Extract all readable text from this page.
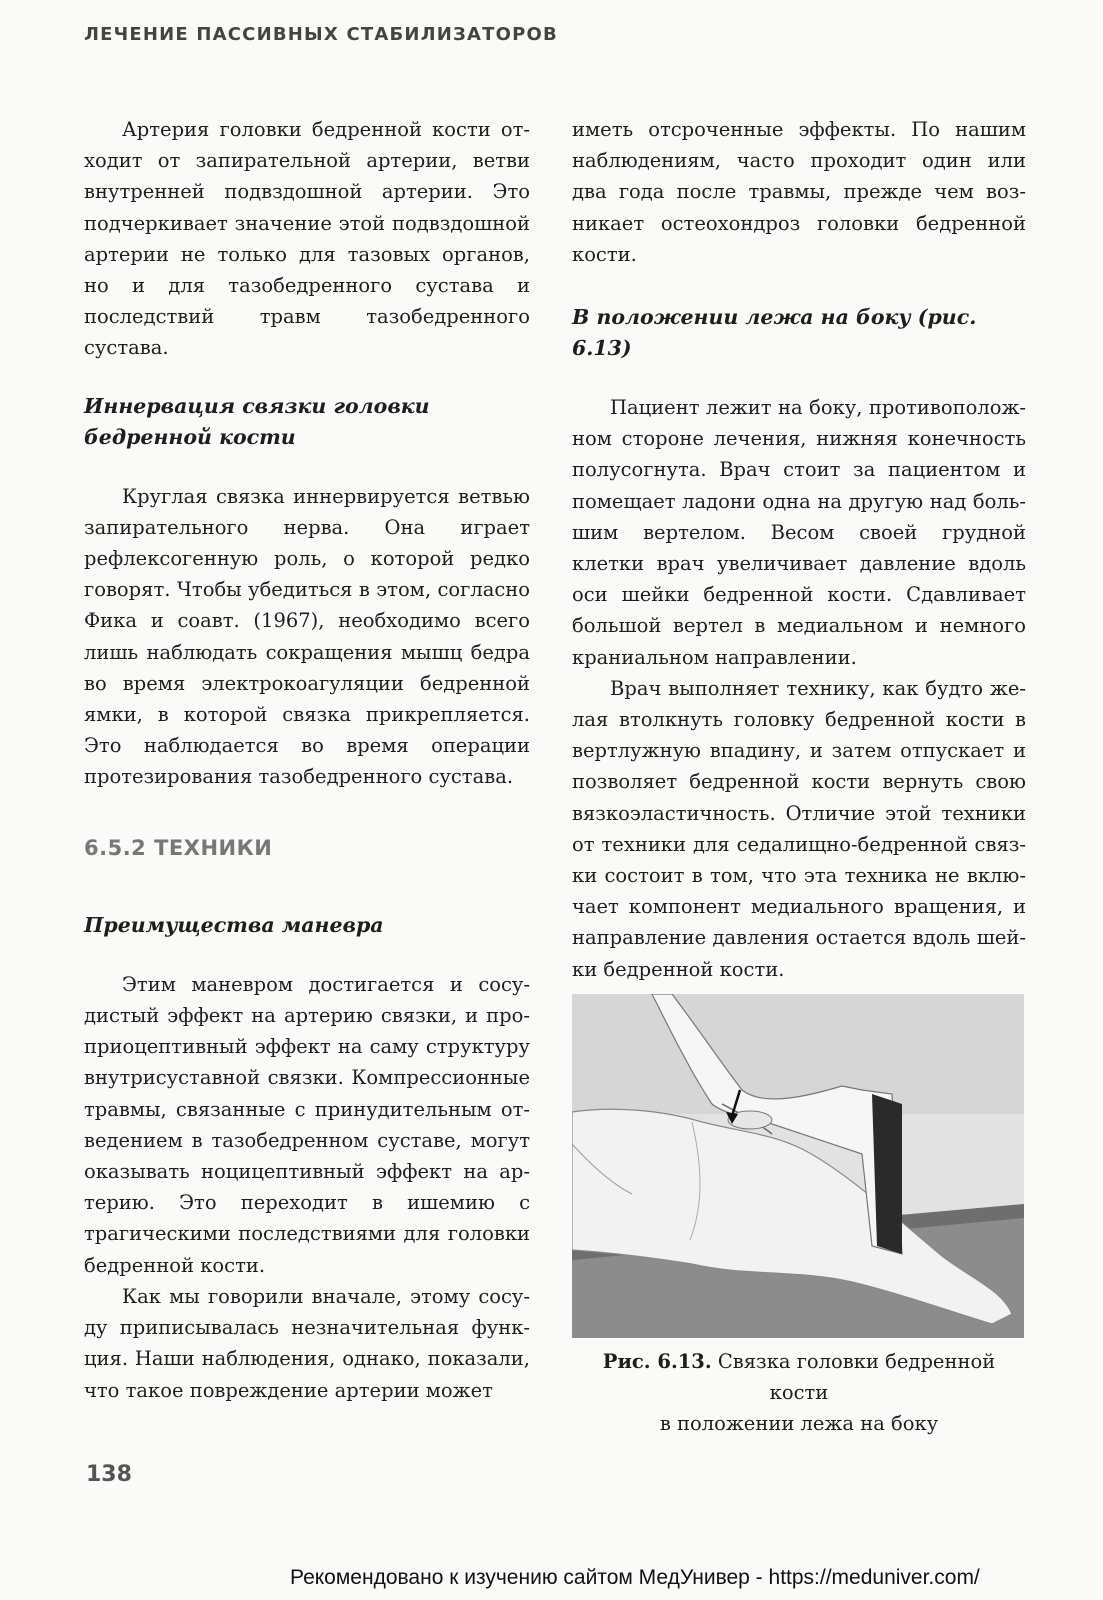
ЛЕЧЕНИЕ ПАССИВНЫХ СТАБИЛИЗАТОРОВ

Артерия головки бедренной кости отходит от запирательной артерии, ветви внутренней подвздошной артерии. Это подчеркивает значение этой подвздошной артерии не только для тазовых органов, но и для тазобедренного сустава и последствий травм тазобедренного сустава.

Иннервация связки головки бедренной кости

Круглая связка иннервируется ветвью запирательного нерва. Она играет рефлексогенную роль, о которой редко говорят. Чтобы убедиться в этом, согласно Фика и соавт. (1967), необходимо всего лишь наблюдать сокращения мышц бедра во время электрокоагуляции бедренной ямки, в которой связка прикрепляется. Это наблюдается во время операции протезирования тазобедренного сустава.

6.5.2 ТЕХНИКИ

Преимущества маневра

Этим маневром достигается и сосудистый эффект на артерию связки, и проприоцептивный эффект на саму структуру внутрисуставной связки. Компрессионные травмы, связанные с принудительным отведением в тазобедренном суставе, могут оказывать ноцицептивный эффект на артерию. Это переходит в ишемию с трагическими последствиями для головки бедренной кости.

Как мы говорили вначале, этому сосуду приписывалась незначительная функция. Наши наблюдения, однако, показали, что такое повреждение артерии может

иметь отсроченные эффекты. По нашим наблюдениям, часто проходит один или два года после травмы, прежде чем возникает остеохондроз головки бедренной кости.

В положении лежа на боку (рис. 6.13)

Пациент лежит на боку, противоположном стороне лечения, нижняя конечность полусогнута. Врач стоит за пациентом и помещает ладони одна на другую над большим вертелом. Весом своей грудной клетки врач увеличивает давление вдоль оси шейки бедренной кости. Сдавливает большой вертел в медиальном и немного краниальном направлении.

Врач выполняет технику, как будто желая втолкнуть головку бедренной кости в вертлужную впадину, и затем отпускает и позволяет бедренной кости вернуть свою вязкоэластичность. Отличие этой техники от техники для седалищно-бедренной связки состоит в том, что эта техника не включает компонент медиального вращения, и направление давления остается вдоль шейки бедренной кости.

Рис. 6.13. Связка головки бедренной кости
в положении лежа на боку
138
Рекомендовано к изучению сайтом МедУнивер - https://meduniver.com/
